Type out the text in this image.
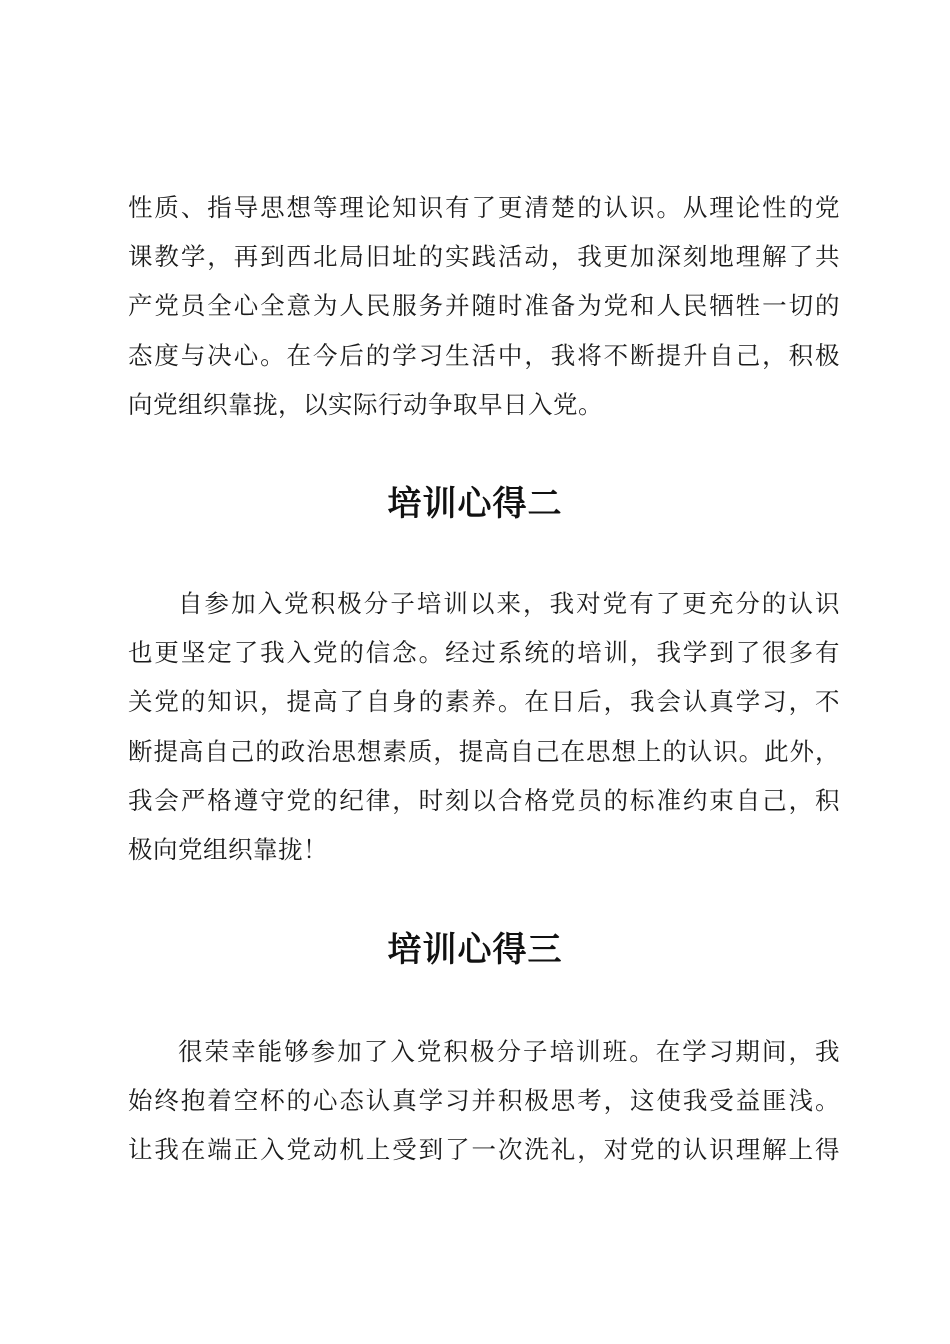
性质、指导思想等理论知识有了更清楚的认识。从理论性的党
课教学，再到西北局旧址的实践活动，我更加深刻地理解了共
产党员全心全意为人民服务并随时准备为党和人民牺牲一切的
态度与决心。在今后的学习生活中，我将不断提升自己，积极
向党组织靠拢，以实际行动争取早日入党。
培训心得二
自参加入党积极分子培训以来，我对党有了更充分的认识
也更坚定了我入党的信念。经过系统的培训，我学到了很多有
关党的知识，提高了自身的素养。在日后，我会认真学习，不
断提高自己的政治思想素质，提高自己在思想上的认识。此外，
我会严格遵守党的纪律，时刻以合格党员的标准约束自己，积
极向党组织靠拢！
培训心得三
很荣幸能够参加了入党积极分子培训班。在学习期间，我
始终抱着空杯的心态认真学习并积极思考，这使我受益匪浅。
让我在端正入党动机上受到了一次洗礼，对党的认识理解上得
